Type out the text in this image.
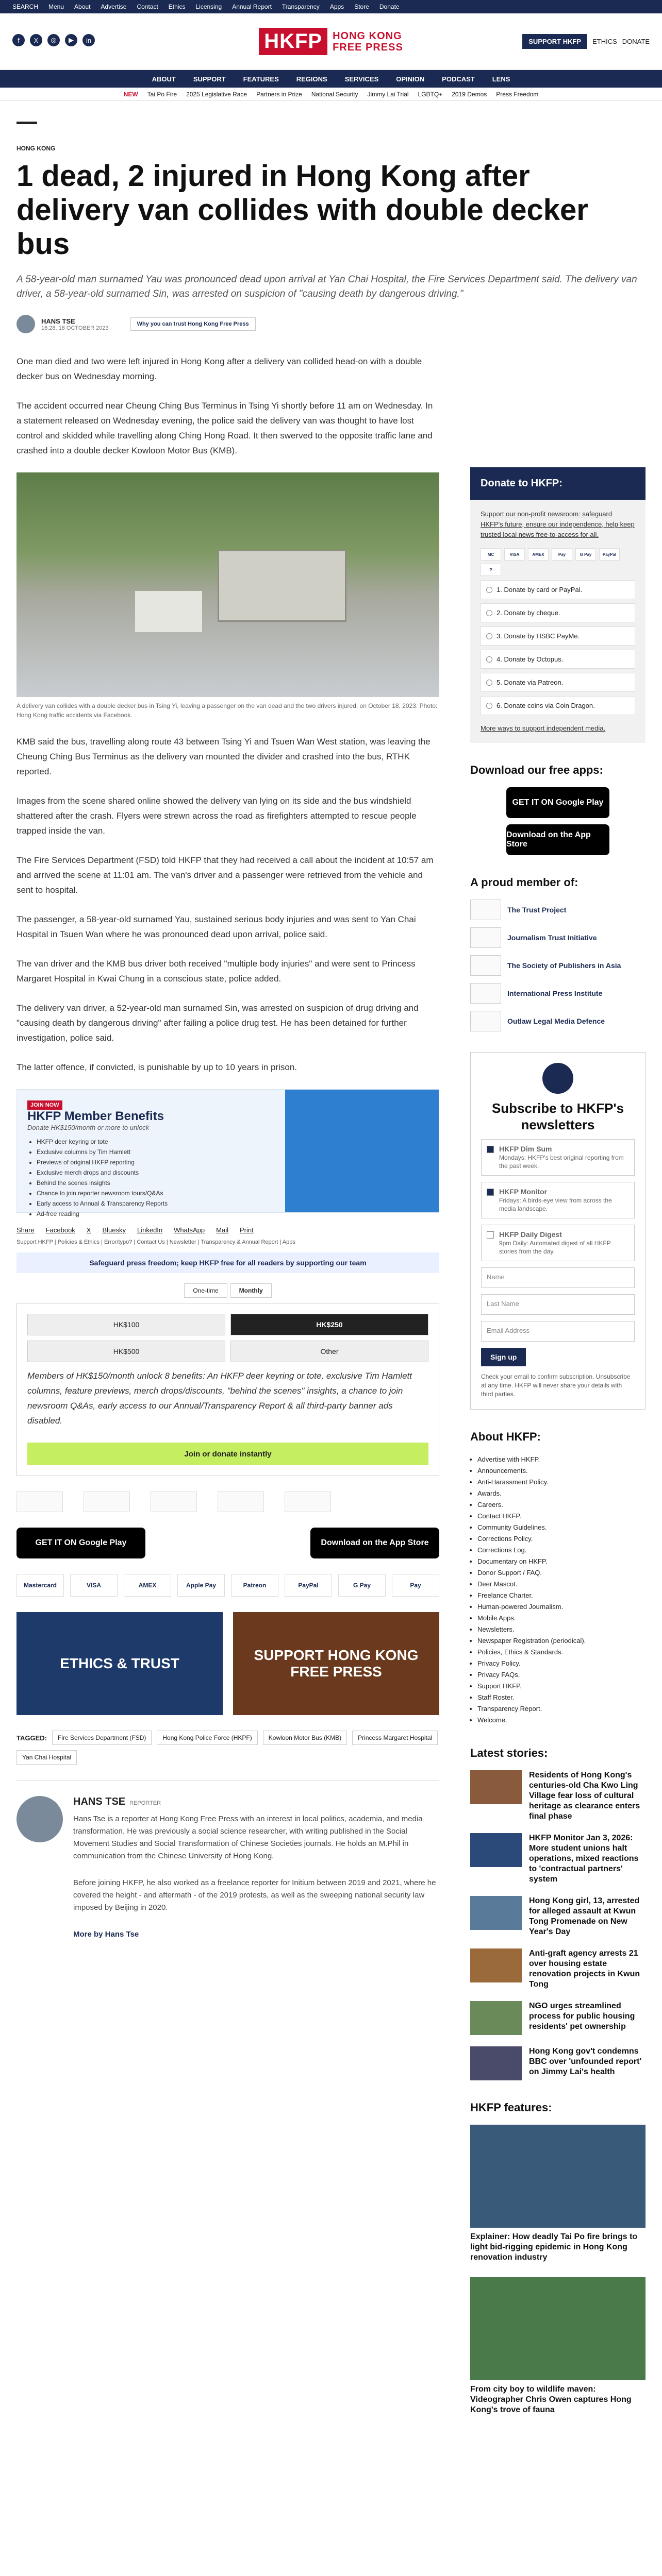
SEARCH Menu About Advertise Contact Ethics Licensing Annual Report Transparency Apps Store Donate
f	X	◎	▶	in	HKFP	HONG KONG
FREE PRESS	SUPPORT HKFP	ETHICS DONATE
ABOUT	SUPPORT	FEATURES	REGIONS	SERVICES	OPINION	PODCAST	LENS
NEW Tai Po Fire 2025 Legislative Race Partners in Prize National Security Jimmy Lai Trial LGBTQ+ 2019 Demos Press Freedom
HONG KONG
1 dead, 2 injured in Hong Kong after delivery van collides with double decker bus

A 58-year-old man surnamed Yau was pronounced dead upon arrival at Yan Chai Hospital, the Fire Services Department said. The delivery van driver, a 58-year-old surnamed Sin, was arrested on suspicion of "causing death by dangerous driving."

HANS TSE
16:28, 18 OCTOBER 2023
Why you can trust Hong Kong Free Press

One man died and two were left injured in Hong Kong after a delivery van collided head-on with a double decker bus on Wednesday morning.

The accident occurred near Cheung Ching Bus Terminus in Tsing Yi shortly before 11 am on Wednesday. In a statement released on Wednesday evening, the police said the delivery van was thought to have lost control and skidded while travelling along Ching Hong Road. It then swerved to the opposite traffic lane and crashed into a double decker Kowloon Motor Bus (KMB).

A delivery van collides with a double decker bus in Tsing Yi, leaving a passenger on the van dead and the two drivers injured, on October 18, 2023. Photo: Hong Kong traffic accidents via Facebook.

KMB said the bus, travelling along route 43 between Tsing Yi and Tsuen Wan West station, was leaving the Cheung Ching Bus Terminus as the delivery van mounted the divider and crashed into the bus, RTHK reported.

Images from the scene shared online showed the delivery van lying on its side and the bus windshield shattered after the crash. Flyers were strewn across the road as firefighters attempted to rescue people trapped inside the van.

The Fire Services Department (FSD) told HKFP that they had received a call about the incident at 10:57 am and arrived the scene at 11:01 am. The van's driver and a passenger were retrieved from the vehicle and sent to hospital.

The passenger, a 58-year-old surnamed Yau, sustained serious body injuries and was sent to Yan Chai Hospital in Tsuen Wan where he was pronounced dead upon arrival, police said.

The van driver and the KMB bus driver both received "multiple body injuries" and were sent to Princess Margaret Hospital in Kwai Chung in a conscious state, police added.

The delivery van driver, a 52-year-old man surnamed Sin, was arrested on suspicion of drug driving and "causing death by dangerous driving" after failing a police drug test. He has been detained for further investigation, police said.

The latter offence, if convicted, is punishable by up to 10 years in prison.

JOIN NOW
HKFP Member Benefits
Donate HK$150/month or more to unlock
• HKFP deer keyring or tote
• Exclusive columns by Tim Hamlett
• Previews of original HKFP reporting
• Exclusive merch drops and discounts
• Behind the scenes insights
• Chance to join reporter newsroom tours/Q&As
• Early access to Annual & Transparency Reports
• Ad-free reading
Share Facebook X Bluesky LinkedIn WhatsApp Mail Print
Support HKFP | Policies & Ethics | Error/typo? | Contact Us | Newsletter | Transparency & Annual Report | Apps
Safeguard press freedom; keep HKFP free for all readers by supporting our team
One-time	Monthly
HK$100	HK$250
HK$500	Other

Members of HK$150/month unlock 8 benefits: An HKFP deer keyring or tote, exclusive Tim Hamlett columns, feature previews, merch drops/discounts, "behind the scenes" insights, a chance to join newsroom Q&As, early access to our Annual/Transparency Report & all third-party banner ads disabled.

Join or donate instantly
GET IT ON Google Play	Download on the App Store
Mastercard	VISA	AMEX	Apple Pay	Patreon	PayPal	G Pay	Pay
ETHICS & TRUST
SUPPORT HONG KONG FREE PRESS
TAGGED:	Fire Services Department (FSD)	Hong Kong Police Force (HKPF)	Kowloon Motor Bus (KMB)	Princess Margaret Hospital
Yan Chai Hospital
HANS TSE REPORTER

Hans Tse is a reporter at Hong Kong Free Press with an interest in local politics, academia, and media transformation. He was previously a social science researcher, with writing published in the Social Movement Studies and Social Transformation of Chinese Societies journals. He holds an M.Phil in communication from the Chinese University of Hong Kong.

Before joining HKFP, he also worked as a freelance reporter for Initium between 2019 and 2021, where he covered the height - and aftermath - of the 2019 protests, as well as the sweeping national security law imposed by Beijing in 2020.

More by Hans Tse

Donate to HKFP:

Support our non-profit newsroom: safeguard HKFP's future, ensure our independence, help keep trusted local news free-to-access for all.

MC	VISA	AMEX	Pay	G Pay	PayPal
P
1. Donate by card or PayPal.
2. Donate by cheque.
3. Donate by HSBC PayMe.
4. Donate by Octopus.
5. Donate via Patreon.
6. Donate coins via Coin Dragon.

More ways to support independent media.

Download our free apps:
GET IT ON Google Play
Download on the App Store
A proud member of:
The Trust Project
Journalism Trust Initiative
The Society of Publishers in Asia
International Press Institute
Outlaw Legal Media Defence
Subscribe to HKFP's newsletters
HKFP Dim Sum
Mondays: HKFP's best original reporting from the past week.
HKFP Monitor
Fridays: A birds-eye view from across the media landscape.
HKFP Daily Digest
9pm Daily: Automated digest of all HKFP stories from the day.
Name
Last Name
Email Address
Sign up

Check your email to confirm subscription. Unsubscribe at any time. HKFP will never share your details with third parties.

About HKFP:
• Advertise with HKFP.
• Announcements.
• Anti-Harassment Policy.
• Awards.
• Careers.
• Contact HKFP.
• Community Guidelines.
• Corrections Policy.
• Corrections Log.
• Documentary on HKFP.
• Donor Support / FAQ.
• Deer Mascot.
• Freelance Charter.
• Human-powered Journalism.
• Mobile Apps.
• Newsletters.
• Newspaper Registration (periodical).
• Policies, Ethics & Standards.
• Privacy Policy.
• Privacy FAQs.
• Support HKFP.
• Staff Roster.
• Transparency Report.
• Welcome.
Latest stories:
Residents of Hong Kong's centuries-old Cha Kwo Ling Village fear loss of cultural heritage as clearance enters final phase
HKFP Monitor Jan 3, 2026: More student unions halt operations, mixed reactions to 'contractual partners' system
Hong Kong girl, 13, arrested for alleged assault at Kwun Tong Promenade on New Year's Day
Anti-graft agency arrests 21 over housing estate renovation projects in Kwun Tong
NGO urges streamlined process for public housing residents' pet ownership
Hong Kong gov't condemns BBC over 'unfounded report' on Jimmy Lai's health
HKFP features:
Explainer: How deadly Tai Po fire brings to light bid-rigging epidemic in Hong Kong renovation industry
From city boy to wildlife maven: Videographer Chris Owen captures Hong Kong's trove of fauna
